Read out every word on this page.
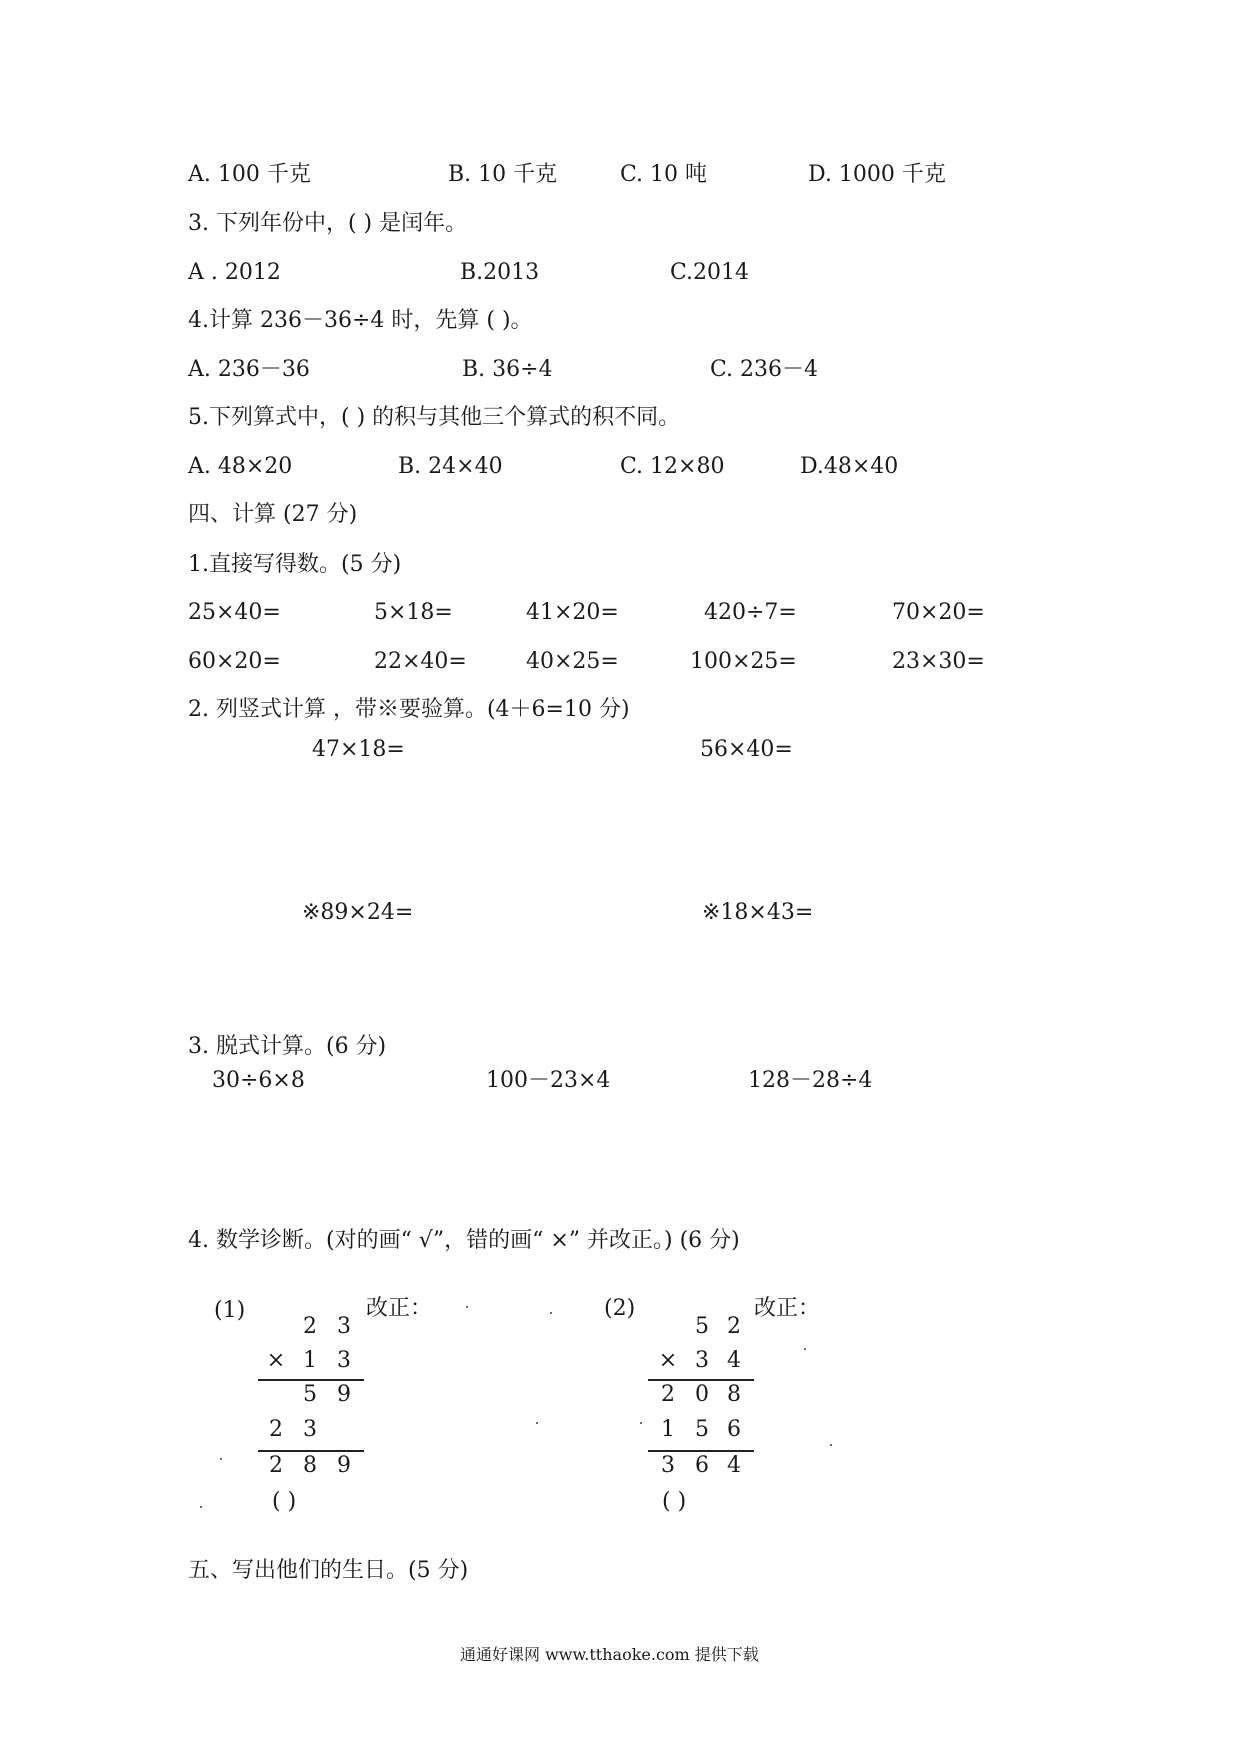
A. 100 千克	B. 10 千克	C. 10 吨	D. 1000 千克
3. 下列年份中，( ) 是闰年。
A . 2012	B.2013	C.2014
4.计算 236－36÷4 时，先算 ( )。
A. 236－36	B. 36÷4	C. 236－4
5.下列算式中，( ) 的积与其他三个算式的积不同。
A. 48×20	B. 24×40	C. 12×80	D.48×40
四、计算 (27 分)
1.直接写得数。(5 分)
25×40=	5×18=	41×20=	420÷7=	70×20=
60×20=	22×40=	40×25=	100×25=	23×30=
2. 列竖式计算 ，带※要验算。(4＋6=10 分)
47×18=	56×40=
※89×24=	※18×43=
3. 脱式计算。(6 分)
30÷6×8	100－23×4	128－28÷4
4. 数学诊断。(对的画“ √”，错的画“ ×” 并改正。) (6 分)
(1)	改正：
2 3
× 1 3
5 9
2 3
2 8 9
( )
(2)	改正：
5 2
× 3 4
2 0 8
1 5 6
3 6 4
( )
五、写出他们的生日。(5 分)
通通好课网 www.tthaoke.com 提供下载
